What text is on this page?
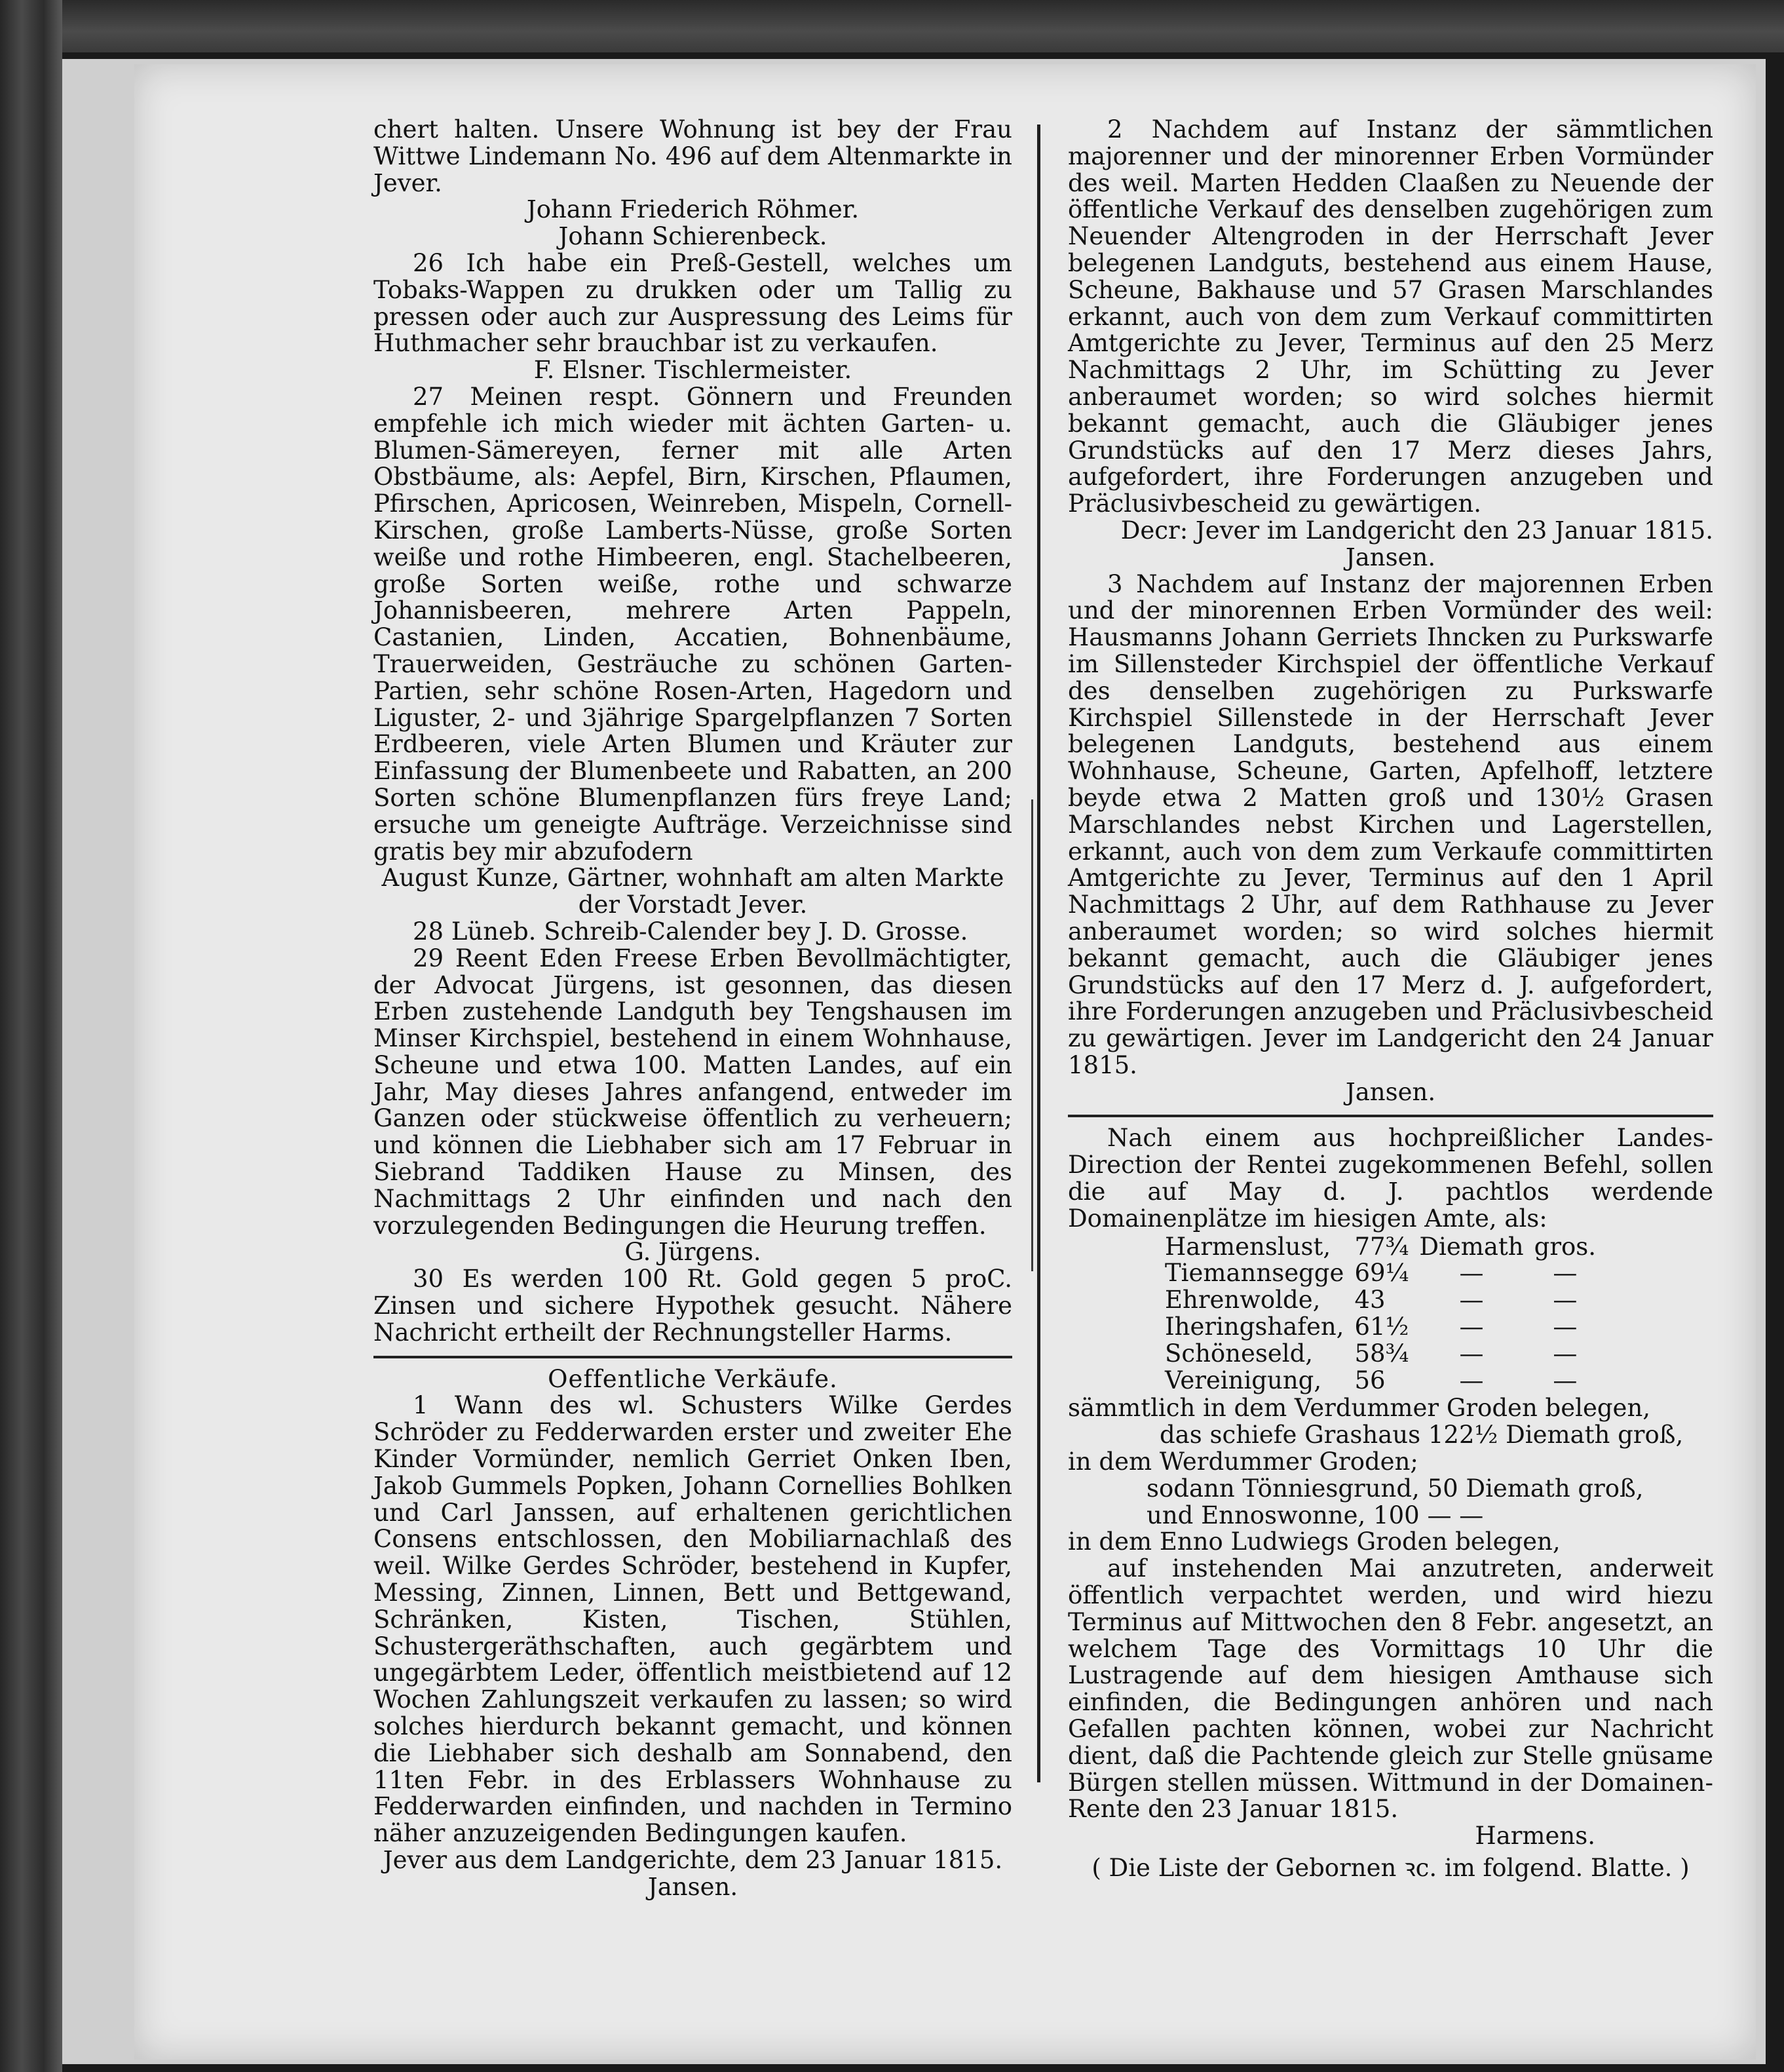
chert halten. Unsere Wohnung ist bey der Frau Wittwe Lindemann No. 496 auf dem Altenmarkte in Jever.

Johann Friederich Röhmer.

Johann Schierenbeck.

26 Ich habe ein Preß-Gestell, welches um Tobaks-Wappen zu drukken oder um Tallig zu pressen oder auch zur Auspressung des Leims für Huthmacher sehr brauchbar ist zu verkaufen.

F. Elsner. Tischlermeister.

27 Meinen respt. Gönnern und Freunden empfehle ich mich wieder mit ächten Garten- u. Blumen-Sämereyen, ferner mit alle Arten Obstbäume, als: Aepfel, Birn, Kirschen, Pflaumen, Pfirschen, Apricosen, Weinreben, Mispeln, Cornell-Kirschen, große Lamberts-Nüsse, große Sorten weiße und rothe Himbeeren, engl. Stachelbeeren, große Sorten weiße, rothe und schwarze Johannisbeeren, mehrere Arten Pappeln, Castanien, Linden, Accatien, Bohnenbäume, Trauerweiden, Gesträuche zu schönen Garten-Partien, sehr schöne Rosen-Arten, Hagedorn und Liguster, 2- und 3jährige Spargelpflanzen 7 Sorten Erdbeeren, viele Arten Blumen und Kräuter zur Einfassung der Blumenbeete und Rabatten, an 200 Sorten schöne Blumenpflanzen fürs freye Land; ersuche um geneigte Aufträge. Verzeichnisse sind gratis bey mir abzufodern

August Kunze, Gärtner, wohnhaft am alten Markte der Vorstadt Jever.

28 Lüneb. Schreib-Calender bey J. D. Grosse.

29 Reent Eden Freese Erben Bevollmächtigter, der Advocat Jürgens, ist gesonnen, das diesen Erben zustehende Landguth bey Tengshausen im Minser Kirchspiel, bestehend in einem Wohnhause, Scheune und etwa 100. Matten Landes, auf ein Jahr, May dieses Jahres anfangend, entweder im Ganzen oder stückweise öffentlich zu verheuern; und können die Liebhaber sich am 17 Februar in Siebrand Taddiken Hause zu Minsen, des Nachmittags 2 Uhr einfinden und nach den vorzulegenden Bedingungen die Heurung treffen.

G. Jürgens.

30 Es werden 100 Rt. Gold gegen 5 proC. Zinsen und sichere Hypothek gesucht. Nähere Nachricht ertheilt der Rechnungsteller Harms.

Oeffentliche Verkäufe.

1 Wann des wl. Schusters Wilke Gerdes Schröder zu Fedderwarden erster und zweiter Ehe Kinder Vormünder, nemlich Gerriet Onken Iben, Jakob Gummels Popken, Johann Cornellies Bohlken und Carl Janssen, auf erhaltenen gerichtlichen Consens entschlossen, den Mobiliarnachlaß des weil. Wilke Gerdes Schröder, bestehend in Kupfer, Messing, Zinnen, Linnen, Bett und Bettgewand, Schränken, Kisten, Tischen, Stühlen, Schustergeräthschaften, auch gegärbtem und ungegärbtem Leder, öffentlich meistbietend auf 12 Wochen Zahlungszeit verkaufen zu lassen; so wird solches hierdurch bekannt gemacht, und können die Liebhaber sich deshalb am Sonnabend, den 11ten Febr. in des Erblassers Wohnhause zu Fedderwarden einfinden, und nachden in Termino näher anzuzeigenden Bedingungen kaufen.

Jever aus dem Landgerichte, dem 23 Januar 1815.

Jansen.

2 Nachdem auf Instanz der sämmtlichen majorenner und der minorenner Erben Vormünder des weil. Marten Hedden Claaßen zu Neuende der öffentliche Verkauf des denselben zugehörigen zum Neuender Altengroden in der Herrschaft Jever belegenen Landguts, bestehend aus einem Hause, Scheune, Bakhause und 57 Grasen Marschlandes erkannt, auch von dem zum Verkauf committirten Amtgerichte zu Jever, Terminus auf den 25 Merz Nachmittags 2 Uhr, im Schütting zu Jever anberaumet worden; so wird solches hiermit bekannt gemacht, auch die Gläubiger jenes Grundstücks auf den 17 Merz dieses Jahrs, aufgefordert, ihre Forderungen anzugeben und Präclusivbescheid zu gewärtigen.

Decr: Jever im Landgericht den 23 Januar 1815.

Jansen.

3 Nachdem auf Instanz der majorennen Erben und der minorennen Erben Vormünder des weil: Hausmanns Johann Gerriets Ihncken zu Purkswarfe im Sillensteder Kirchspiel der öffentliche Verkauf des denselben zugehörigen zu Purkswarfe Kirchspiel Sillenstede in der Herrschaft Jever belegenen Landguts, bestehend aus einem Wohnhause, Scheune, Garten, Apfelhoff, letztere beyde etwa 2 Matten groß und 130½ Grasen Marschlandes nebst Kirchen und Lagerstellen, erkannt, auch von dem zum Verkaufe committirten Amtgerichte zu Jever, Terminus auf den 1 April Nachmittags 2 Uhr, auf dem Rathhause zu Jever anberaumet worden; so wird solches hiermit bekannt gemacht, auch die Gläubiger jenes Grundstücks auf den 17 Merz d. J. aufgefordert, ihre Forderungen anzugeben und Präclusivbescheid zu gewärtigen. Jever im Landgericht den 24 Januar 1815.

Jansen.

Nach einem aus hochpreißlicher Landes-Direction der Rentei zugekommenen Befehl, sollen die auf May d. J. pachtlos werdende Domainenplätze im hiesigen Amte, als:

Harmenslust,	77¾	Diemath	gros.
Tiemannsegge	69¼	—	—
Ehrenwolde,	43	—	—
Iheringshafen,	61½	—	—
Schöneseld,	58¾	—	—
Vereinigung,	56	—	—

sämmtlich in dem Verdummer Groden belegen,

das schiefe Grashaus 122½ Diemath groß,

in dem Werdummer Groden;

sodann Tönniesgrund, 50 Diemath groß,

und Ennoswonne, 100 — —

in dem Enno Ludwiegs Groden belegen,

auf instehenden Mai anzutreten, anderweit öffentlich verpachtet werden, und wird hiezu Terminus auf Mittwochen den 8 Febr. angesetzt, an welchem Tage des Vormittags 10 Uhr die Lustragende auf dem hiesigen Amthause sich einfinden, die Bedingungen anhören und nach Gefallen pachten können, wobei zur Nachricht dient, daß die Pachtende gleich zur Stelle gnüsame Bürgen stellen müssen. Wittmund in der Domainen-Rente den 23 Januar 1815.

Harmens.

( Die Liste der Gebornen ꝛc. im folgend. Blatte. )
